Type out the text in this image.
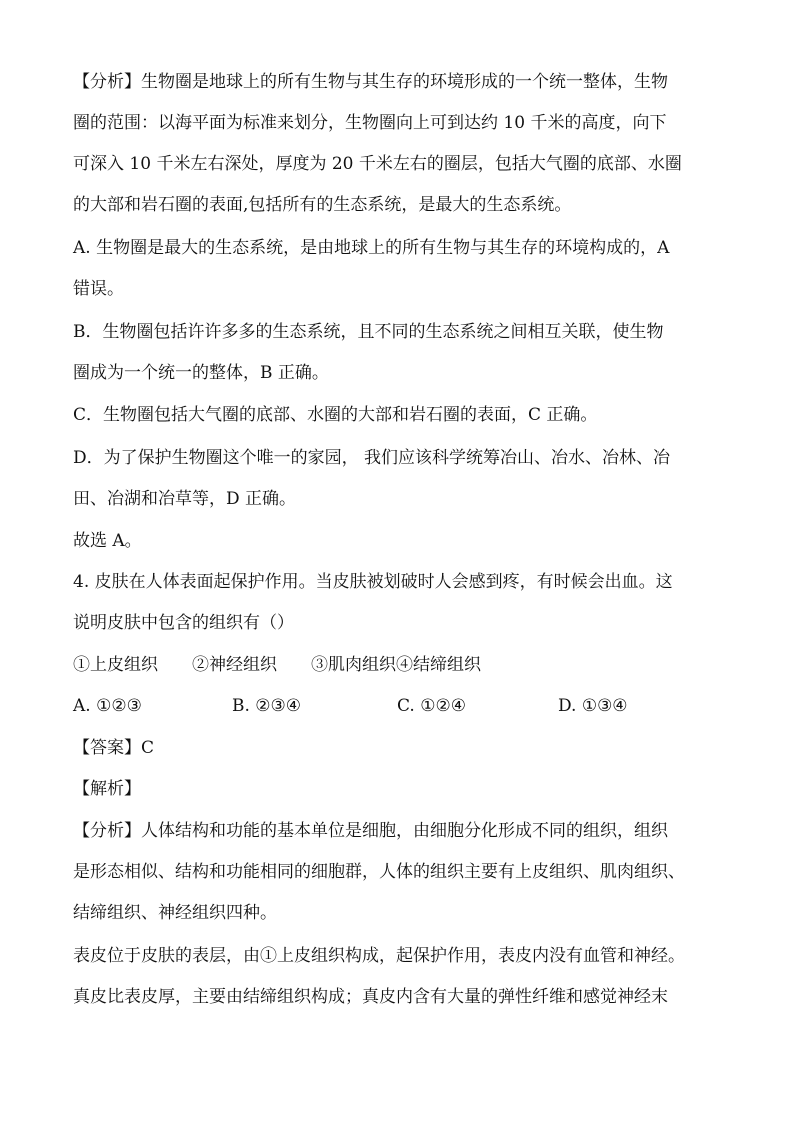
【分析】生物圈是地球上的所有生物与其生存的环境形成的一个统一整体，生物
圈的范围：以海平面为标准来划分，生物圈向上可到达约 10 千米的高度，向下
可深入 10 千米左右深处，厚度为 20 千米左右的圈层，包括大气圈的底部、水圈
的大部和岩石圈的表面,包括所有的生态系统，是最大的生态系统。
A. 生物圈是最大的生态系统，是由地球上的所有生物与其生存的环境构成的，A
错误。
B．生物圈包括许许多多的生态系统，且不同的生态系统之间相互关联，使生物
圈成为一个统一的整体，B 正确。
C．生物圈包括大气圈的底部、水圈的大部和岩石圈的表面，C 正确。
D．为了保护生物圈这个唯一的家园， 我们应该科学统筹冶山、冶水、冶林、冶
田、冶湖和冶草等，D 正确。
故选 A。
4. 皮肤在人体表面起保护作用。当皮肤被划破时人会感到疼，有时候会出血。这
说明皮肤中包含的组织有（）
①上皮组织　　②神经组织　　③肌肉组织④结缔组织
A. ①②③	B. ②③④	C. ①②④	D. ①③④
【答案】C
【解析】
【分析】人体结构和功能的基本单位是细胞，由细胞分化形成不同的组织，组织
是形态相似、结构和功能相同的细胞群，人体的组织主要有上皮组织、肌肉组织、
结缔组织、神经组织四种。
表皮位于皮肤的表层，由①上皮组织构成，起保护作用，表皮内没有血管和神经。
真皮比表皮厚，主要由结缔组织构成；真皮内含有大量的弹性纤维和感觉神经末
